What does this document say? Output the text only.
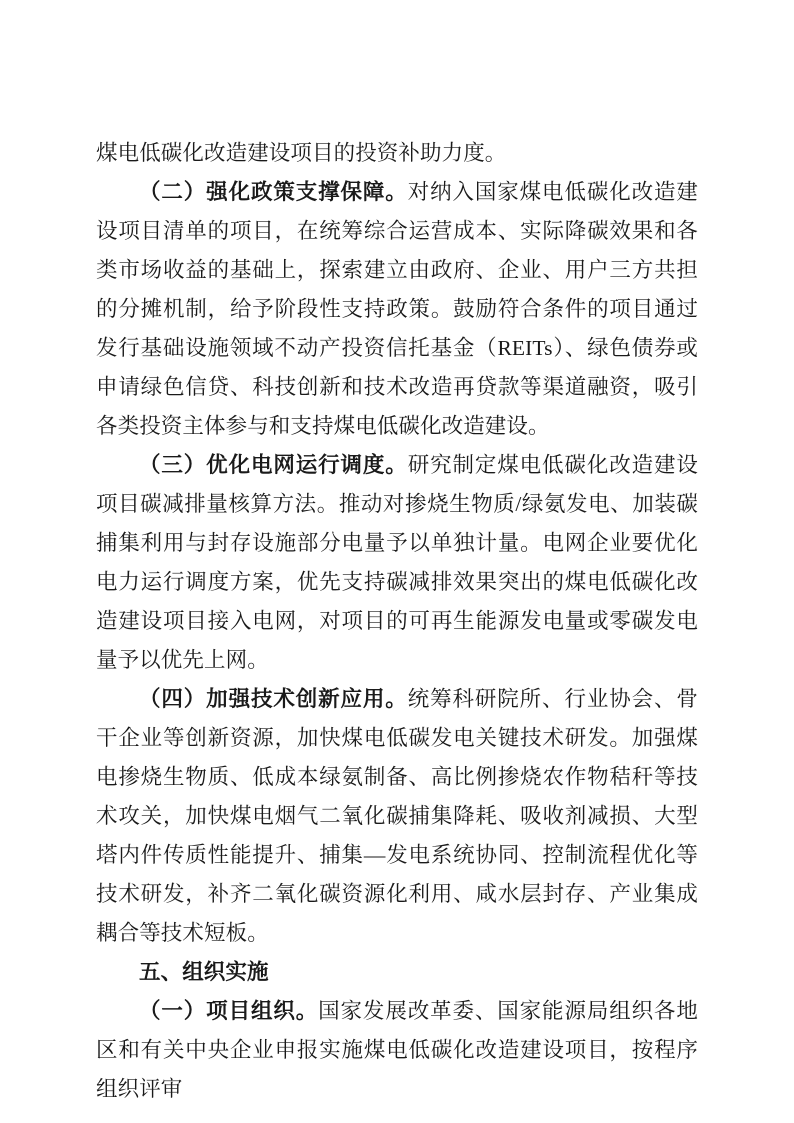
煤电低碳化改造建设项目的投资补助力度。

（二）强化政策支撑保障。对纳入国家煤电低碳化改造建设项目清单的项目，在统筹综合运营成本、实际降碳效果和各类市场收益的基础上，探索建立由政府、企业、用户三方共担的分摊机制，给予阶段性支持政策。鼓励符合条件的项目通过发行基础设施领域不动产投资信托基金（REITs）、绿色债券或申请绿色信贷、科技创新和技术改造再贷款等渠道融资，吸引各类投资主体参与和支持煤电低碳化改造建设。

（三）优化电网运行调度。研究制定煤电低碳化改造建设项目碳减排量核算方法。推动对掺烧生物质/绿氨发电、加装碳捕集利用与封存设施部分电量予以单独计量。电网企业要优化电力运行调度方案，优先支持碳减排效果突出的煤电低碳化改造建设项目接入电网，对项目的可再生能源发电量或零碳发电量予以优先上网。

（四）加强技术创新应用。统筹科研院所、行业协会、骨干企业等创新资源，加快煤电低碳发电关键技术研发。加强煤电掺烧生物质、低成本绿氨制备、高比例掺烧农作物秸秆等技术攻关，加快煤电烟气二氧化碳捕集降耗、吸收剂减损、大型塔内件传质性能提升、捕集—发电系统协同、控制流程优化等技术研发，补齐二氧化碳资源化利用、咸水层封存、产业集成耦合等技术短板。

五、组织实施

（一）项目组织。国家发展改革委、国家能源局组织各地区和有关中央企业申报实施煤电低碳化改造建设项目，按程序组织评审
